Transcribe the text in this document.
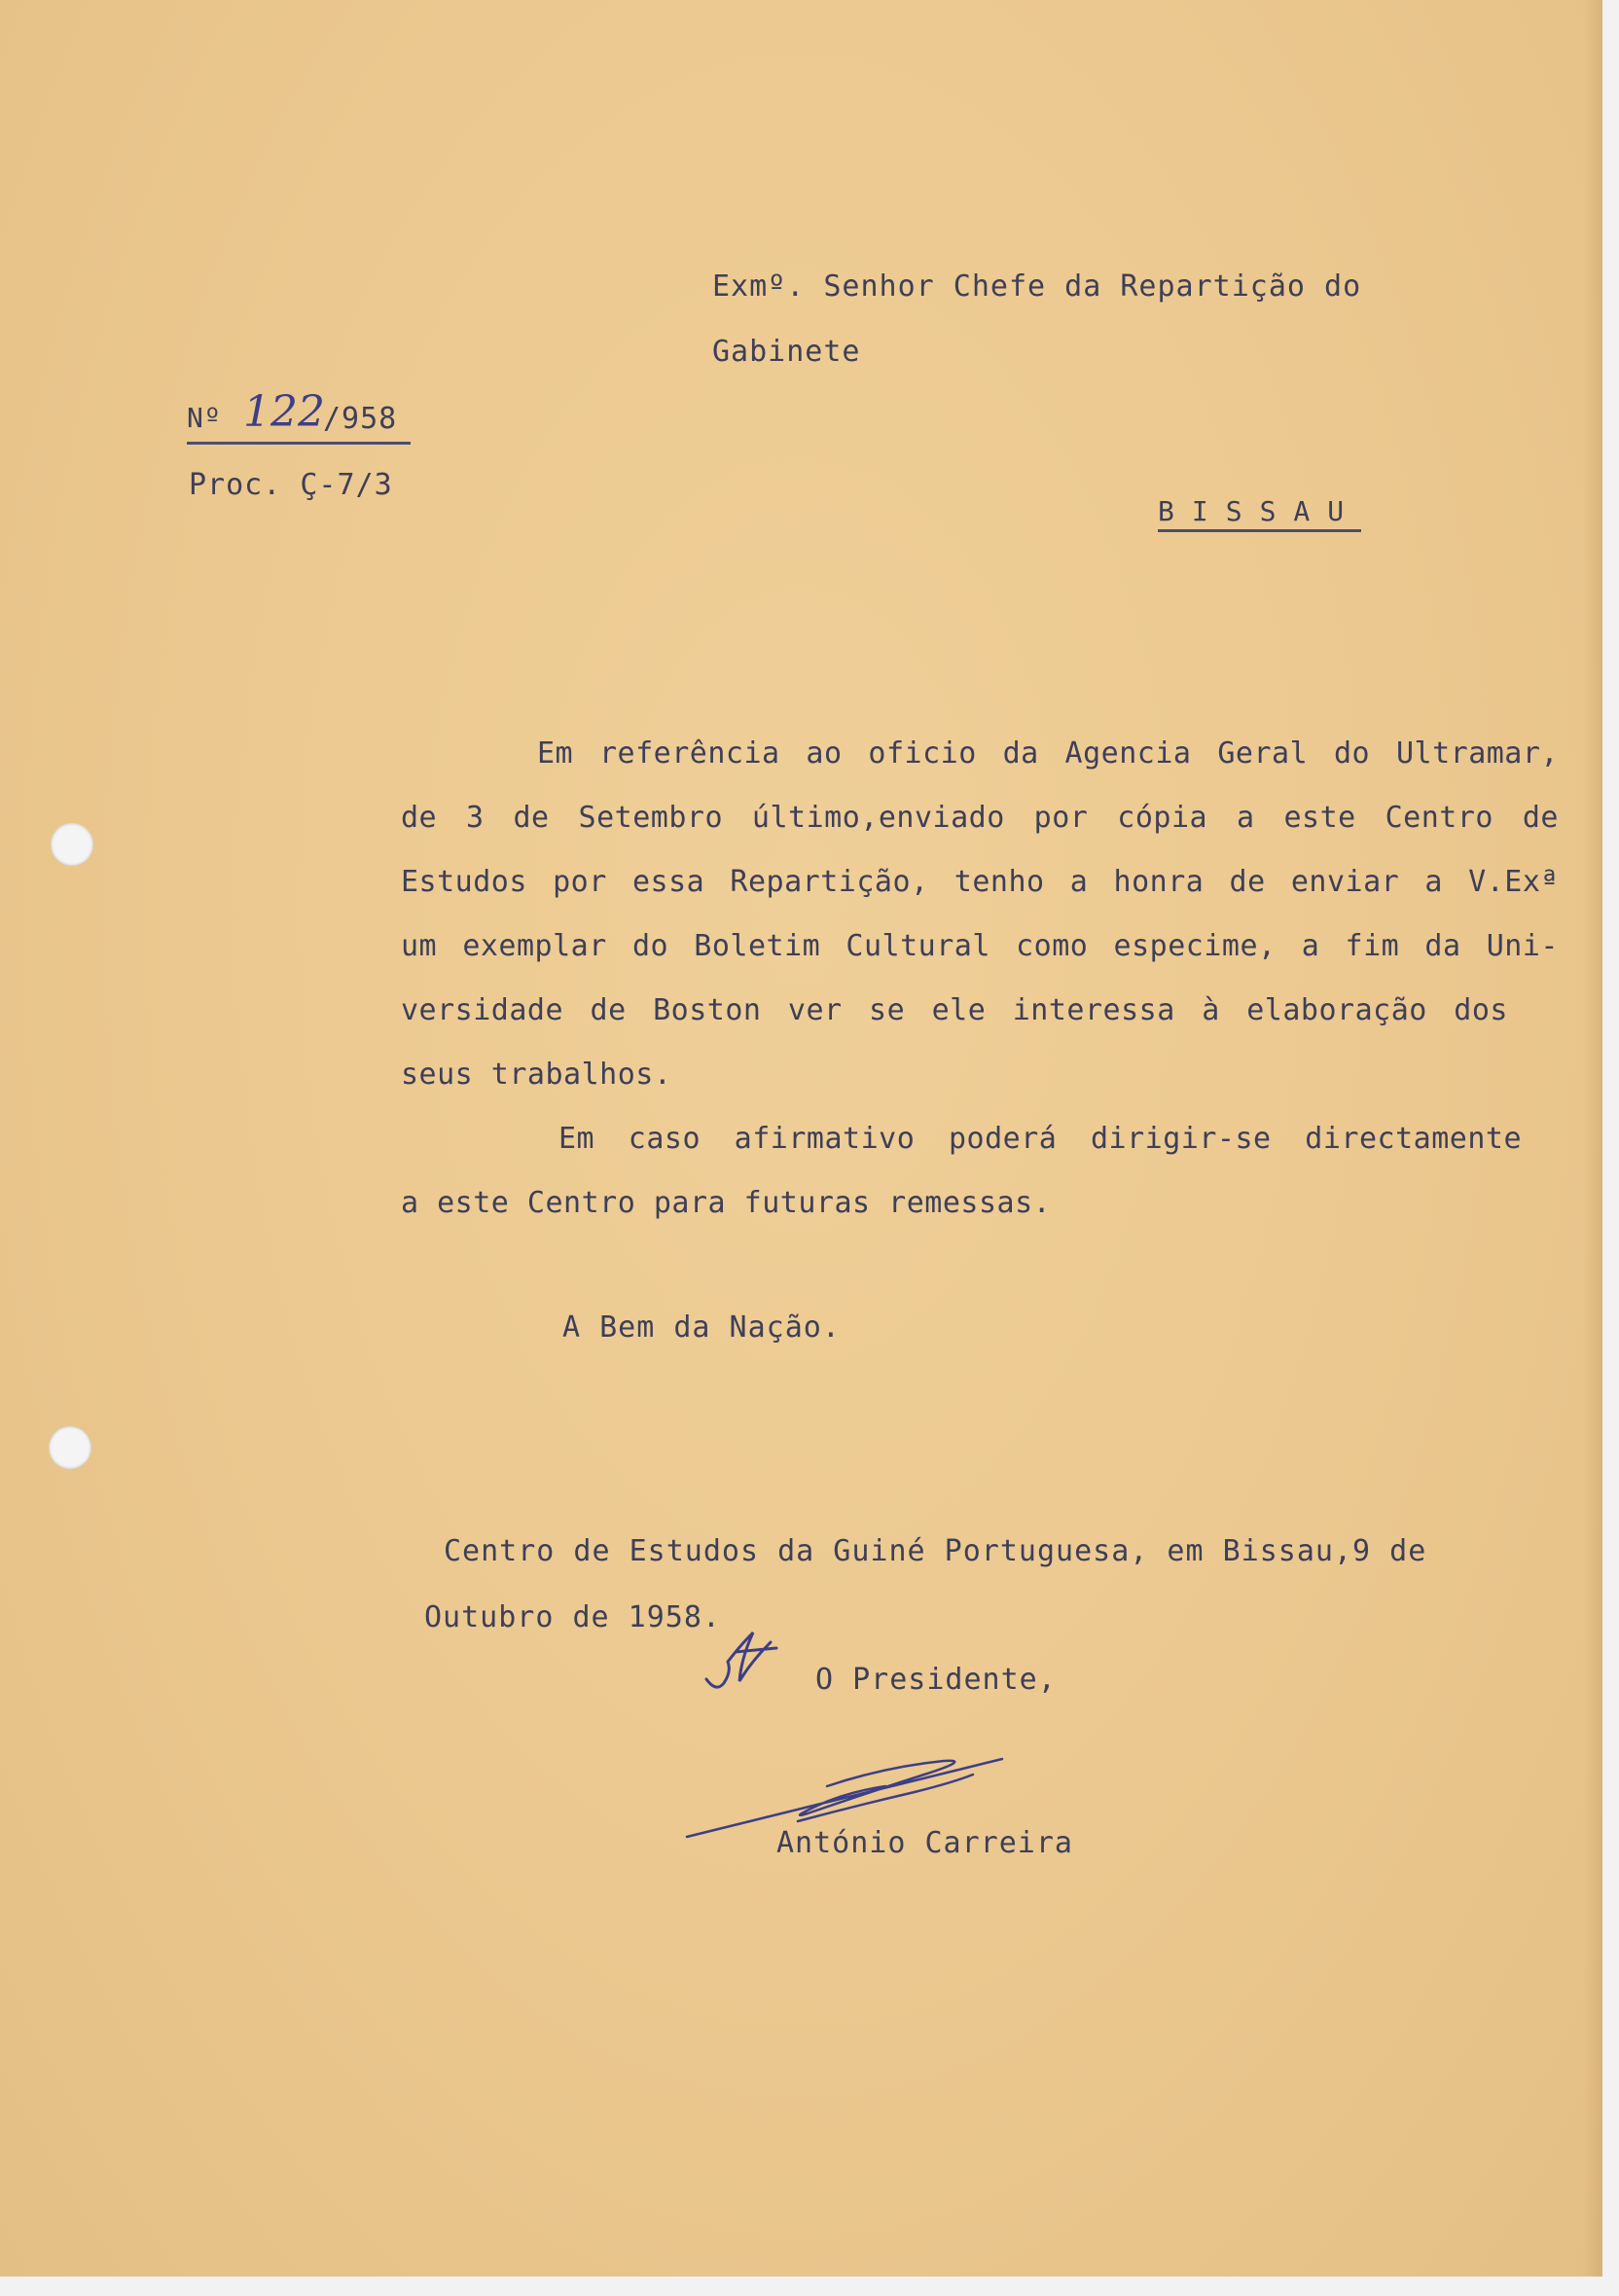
Exmº. Senhor Chefe da Repartição do
Gabinete
Nº 122
/958
Proc. Ç-7/3
BISSAU
Em referência ao oficio da Agencia Geral do Ultramar,
de 3 de Setembro último,enviado por cópia a este Centro de
Estudos por essa Repartição, tenho a honra de enviar a V.Exª
um exemplar do Boletim Cultural como especime, a fim da Uni-
versidade de Boston ver se ele interessa à elaboração dos
seus trabalhos.
Em caso afirmativo poderá dirigir-se directamente
a este Centro para futuras remessas.
A Bem da Nação.
Centro de Estudos da Guiné Portuguesa, em Bissau,9 de
Outubro de 1958.
O Presidente,
António Carreira
